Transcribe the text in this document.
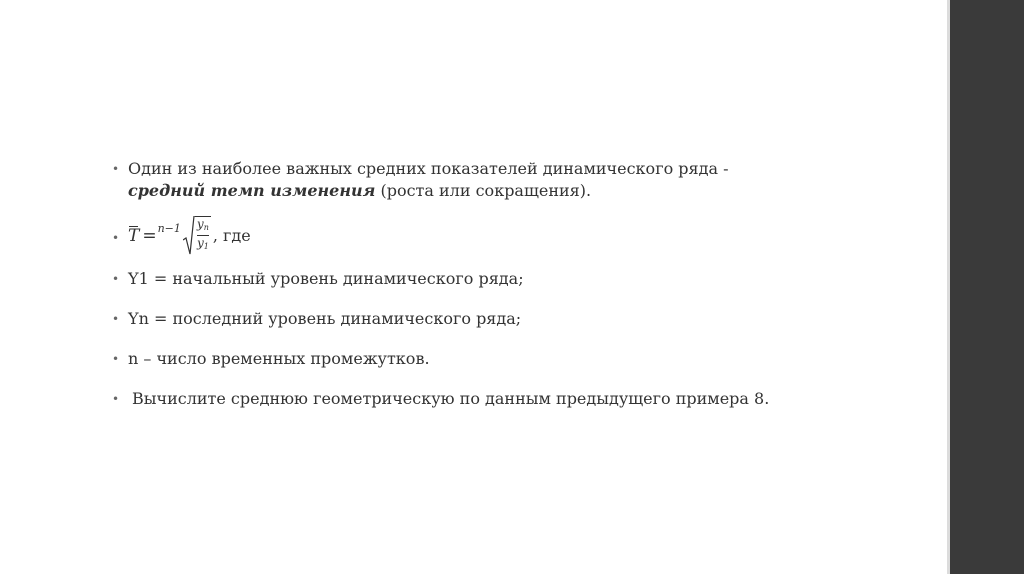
• Один из наиболее важных средних показателей динамического ряда -
средний темп изменения (роста или сокращения).
• $T = n-1 \frac{y_n}{y_1}$ , где
• Y1 = начальный уровень динамического ряда;
• Yn = последний уровень динамического ряда;
• n – число временных промежутков.
• Вычислите среднюю геометрическую по данным предыдущего примера 8.
